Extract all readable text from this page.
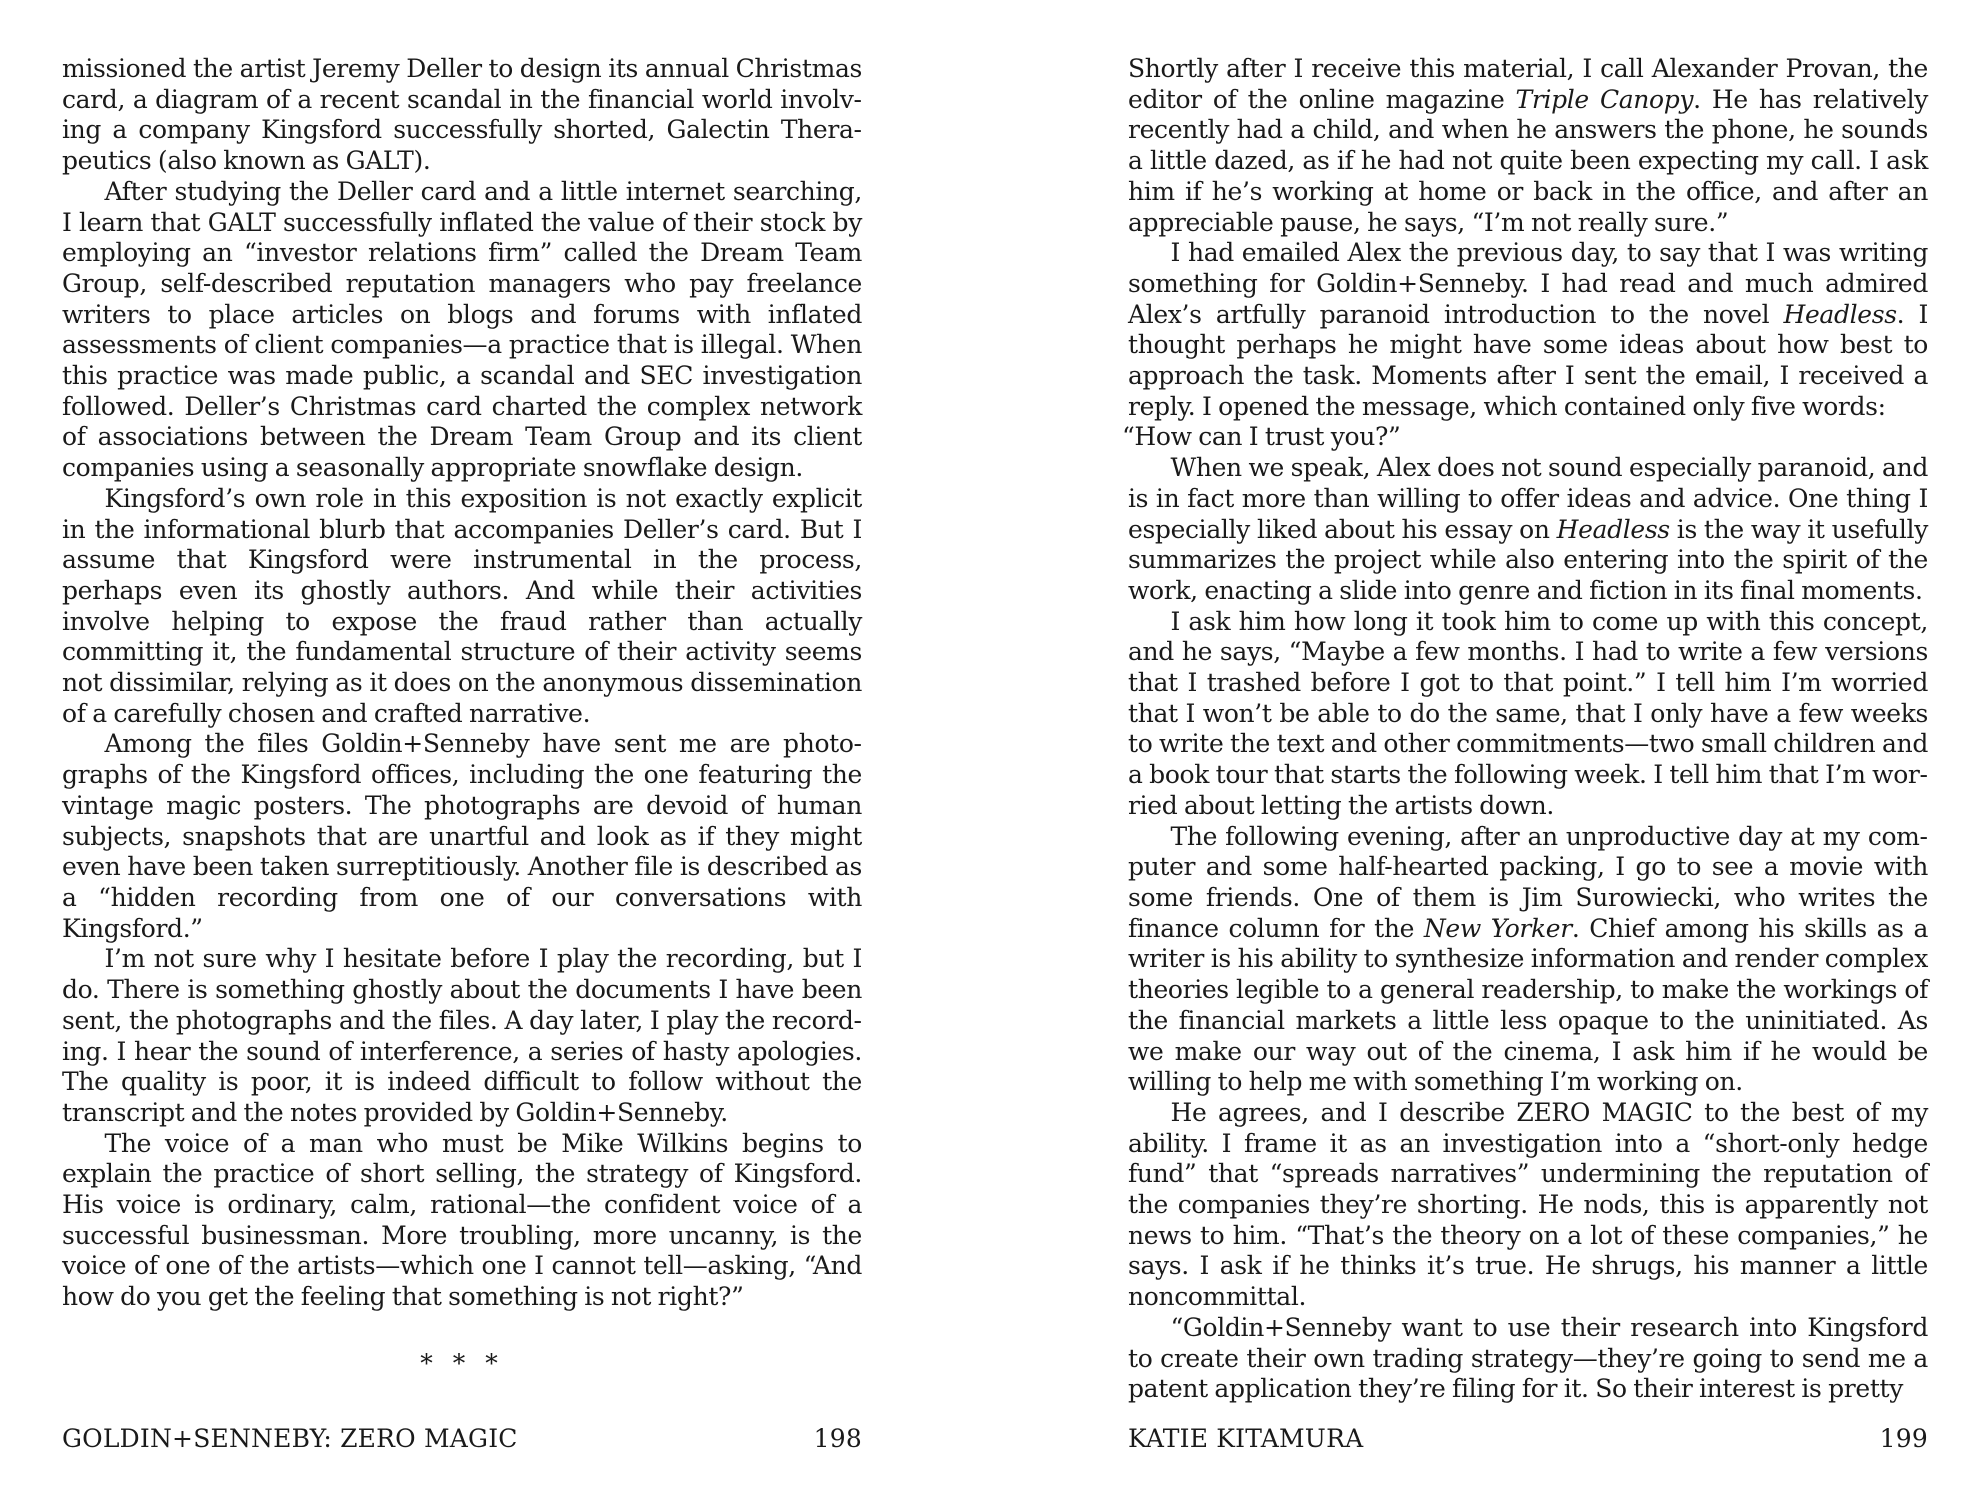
missioned the artist Jeremy Deller to design its annual Christmas card, a diagram of a recent scandal in the financial world involving a company Kingsford successfully shorted, Galectin Therapeutics (also known as GALT).

After studying the Deller card and a little internet searching, I learn that GALT successfully inflated the value of their stock by employing an “investor relations firm” called the Dream Team Group, self-described reputation managers who pay freelance writers to place articles on blogs and forums with inflated assessments of client companies—a practice that is illegal. When this practice was made public, a scandal and SEC investigation followed. Deller’s Christmas card charted the complex network of associations between the Dream Team Group and its client companies using a seasonally appropriate snowflake design.

Kingsford’s own role in this exposition is not exactly explicit in the informational blurb that accompanies Deller’s card. But I assume that Kingsford were instrumental in the process, perhaps even its ghostly authors. And while their activities involve helping to expose the fraud rather than actually committing it, the fundamental structure of their activity seems not dissimilar, relying as it does on the anonymous dissemination of a carefully chosen and crafted narrative.

Among the files Goldin+Senneby have sent me are photographs of the Kingsford offices, including the one featuring the vintage magic posters. The photographs are devoid of human subjects, snapshots that are unartful and look as if they might even have been taken surreptitiously. Another file is described as a “hidden recording from one of our conversations with Kingsford.”

I’m not sure why I hesitate before I play the recording, but I do. There is something ghostly about the documents I have been sent, the photographs and the files. A day later, I play the recording. I hear the sound of interference, a series of hasty apologies. The quality is poor, it is indeed difficult to follow without the transcript and the notes provided by Goldin+Senneby.

The voice of a man who must be Mike Wilkins begins to explain the practice of short selling, the strategy of Kingsford. His voice is ordinary, calm, rational—the confident voice of a successful businessman. More troubling, more uncanny, is the voice of one of the artists—which one I cannot tell—asking, “And how do you get the feeling that something is not right?”

* * *
GOLDIN+SENNEBY: ZERO MAGIC	198

Shortly after I receive this material, I call Alexander Provan, the editor of the online magazine Triple Canopy. He has relatively recently had a child, and when he answers the phone, he sounds a little dazed, as if he had not quite been expecting my call. I ask him if he’s working at home or back in the office, and after an appreciable pause, he says, “I’m not really sure.”

I had emailed Alex the previous day, to say that I was writing something for Goldin+Senneby. I had read and much admired Alex’s artfully paranoid introduction to the novel Headless. I thought perhaps he might have some ideas about how best to approach the task. Moments after I sent the email, I received a reply. I opened the message, which contained only five words:

“How can I trust you?”

When we speak, Alex does not sound especially paranoid, and is in fact more than willing to offer ideas and advice. One thing I especially liked about his essay on Headless is the way it usefully summarizes the project while also entering into the spirit of the work, enacting a slide into genre and fiction in its final moments.

I ask him how long it took him to come up with this concept, and he says, “Maybe a few months. I had to write a few versions that I trashed before I got to that point.” I tell him I’m worried that I won’t be able to do the same, that I only have a few weeks to write the text and other commitments—two small children and a book tour that starts the following week. I tell him that I’m worried about letting the artists down.

The following evening, after an unproductive day at my computer and some half-hearted packing, I go to see a movie with some friends. One of them is Jim Surowiecki, who writes the finance column for the New Yorker. Chief among his skills as a writer is his ability to synthesize information and render complex theories legible to a general readership, to make the workings of the financial markets a little less opaque to the uninitiated. As we make our way out of the cinema, I ask him if he would be willing to help me with something I’m working on.

He agrees, and I describe ZERO MAGIC to the best of my ability. I frame it as an investigation into a “short-only hedge fund” that “spreads narratives” undermining the reputation of the companies they’re shorting. He nods, this is apparently not news to him. “That’s the theory on a lot of these companies,” he says. I ask if he thinks it’s true. He shrugs, his manner a little noncommittal.

“Goldin+Senneby want to use their research into Kingsford to create their own trading strategy—they’re going to send me a patent application they’re filing for it. So their interest is pretty

KATIE KITAMURA	199
